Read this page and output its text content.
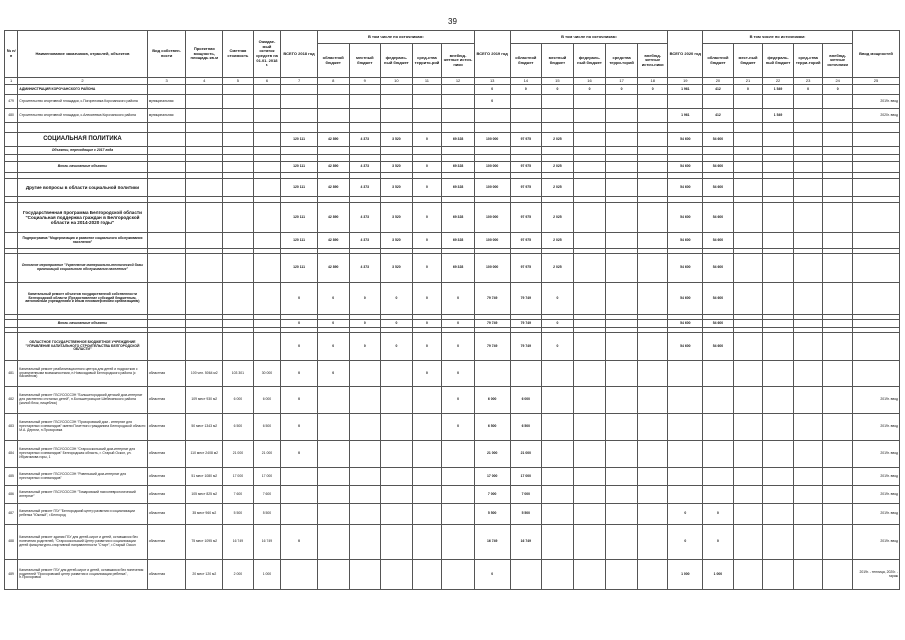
39
№ п/п	Наименование заказчиков, отраслей, объектов	Вид собствен-ности	Проектная мощность, площадь кв.м	Сметная стоимость	Ожидае-мый остаток средств на 01.01. 2018 г.	ВСЕГО 2018 год	В том числе по источникам:					ВСЕГО 2019 год	В том числе по источникам:					ВСЕГО 2020 год	В том числе по источникам:					Ввод мощностей
							областной бюджет	местный бюджет	федераль-ный бюджет	сред-ства террито-рий	внебюд-жетные источ-ники		областной бюджет	местный бюджет	федераль-ный бюджет	средства терри-торий	внебюд-жетные источ-ники		областной бюджет	мест-ный бюджет	федераль-ный бюджет	сред-ства терри-торий	внебюд-жетные источники	
1	2	3	4	5	6	7	8	9	10	11	12	13	14	15	16	17	18	19	20	21	22	23	24	25
	АДМИНИСТРАЦИЯ КОРОЧАНСКОГО РАЙОНА											0	0	0	0	0	0	1 961	412	0	1 549	0	0	
479	Строительство спортивной площадки, с.Погореловка Корочанского района	муниципальная										0												2019г. ввод
480	Строительство спортивной площадки, с.Алексеевка Корочанского района	муниципальная																1 961	412		1 549			2020г. ввод

	СОЦИАЛЬНАЯ ПОЛИТИКА					120 111	42 890	4 373	3 520	0	69 328	100 000	97 975	2 025				54 600	54 600					
	Объекты, переходящие с 2017 года																							

	Вновь начинаемые объекты					120 111	42 890	4 373	3 520	0	69 328	100 000	97 975	2 025				54 600	54 600					

	Другие вопросы в области социальной политики					120 111	42 890	4 373	3 520	0	69 328	100 000	97 975	2 025				54 600	54 600					

	Государственная программа Белгородской области "Социальная поддержка граждан в Белгородской области на 2014-2020 годы"					120 111	42 890	4 373	3 520	0	69 328	100 000	97 975	2 025				54 600	54 600					
	Подпрограмма "Модернизация и развитие социального обслуживания населения"					120 111	42 890	4 373	3 520	0	69 328	100 000	97 975	2 025				54 600	54 600					

	Основное мероприятие "Укрепление материально-технической базы организаций социального обслуживания населения"					120 111	42 890	4 373	3 520	0	69 328	100 000	97 975	2 025				54 600	54 600					
	Капитальный ремонт объектов государственной собственности Белгородской области (Предоставление субсидий бюджетным, автономным учреждениям и иным некоммерческим организациям)					0	0	0	0	0	0	79 749	79 749	0				54 600	54 600					

	Вновь начинаемые объекты					0	0	0	0	0	0	79 749	79 749	0				54 600	54 600					

	ОБЛАСТНОЕ ГОСУДАРСТВЕННОЕ БЮДЖЕТНОЕ УЧРЕЖДЕНИЕ "УПРАВЛЕНИЕ КАПИТАЛЬНОГО СТРОИТЕЛЬСТВА БЕЛГОРОДСКОЙ ОБЛАСТИ"					0	0	0	0	0	0	79 749	79 749	0				54 600	54 600					
481	Капитальный ремонт реабилитационного центра для детей и подростков с ограниченными возможностями, п.Новосадовый Белгородского района (с бассейном)	областная	100 чел. 5064 м2	103 301	30 000	0	0			0	0													
482	Капитальный ремонт ГБСУСОССЗН "Большегородский детский дом-интернат для умственно отсталых детей", п.Большетроицкое Шебекинского района (жилой блок, пищеблок)	областная	109 мест 930 м2	6 000	6 000	0					0	6 000	6 000											2019г. ввод
483	Капитальный ремонт ГБСУСОССЗН "Прохоровский дом - интернат для престарелых и инвалидов" имени Почетного гражданина Белгородской области М.А. Дерюги, п.Прохоровка	областная	50 мест 1343 м2	6 500	6 500	0					0	6 500	6 500											2019г. ввод
484	Капитальный ремонт ГБСУСОССЗН "Старооскольский дом-интернат для престарелых и инвалидов" Белгородская область, г. Старый Оскол, ул. Ибрагимова горы, 1	областная	110 мест 2408 м2	21 000	21 000	0						21 000	21 000											2019г. ввод
485	Капитальный ремонт ГБСУСОССЗН "Ровеньский дом-интернат для престарелых и инвалидов"	областная	51 мест 1080 м2	17 000	17 000							17 000	17 000											2019г. ввод
486	Капитальный ремонт ГБСУСОССЗН "Томаровский психоневрологический интернат"	областная	105 мест 825 м2	7 600	7 600							7 000	7 000											2019г. ввод
487	Капитальный ремонт ГБУ "Белгородский центр развития и социализации ребенка "Южный", г.Белгород	областная	35 мест 960 м2	5 500	5 500							5 500	5 500					0	0					2019г. ввод
488	Капитальный ремонт здания ГБУ для детей-сирот и детей, оставшихся без попечения родителей, "Старооскольский Центр развития и социализации детей физкультурно-спортивной направленности "Старт", г.Старый Оскол	областная	75 мест 1095 м2	16 749	16 749	0						16 749	16 749					0	0					2019г. ввод
489	Капитальный ремонт ГБУ для детей-сирот и детей, оставшихся без попечения родителей "Прохоровский центр развития и социализации ребенка", п.Прохоровка	областная	20 мест 120 м2	2 000	1 000							0						1 000	1 000					2019г. - теплица, 2020г. - гараж
